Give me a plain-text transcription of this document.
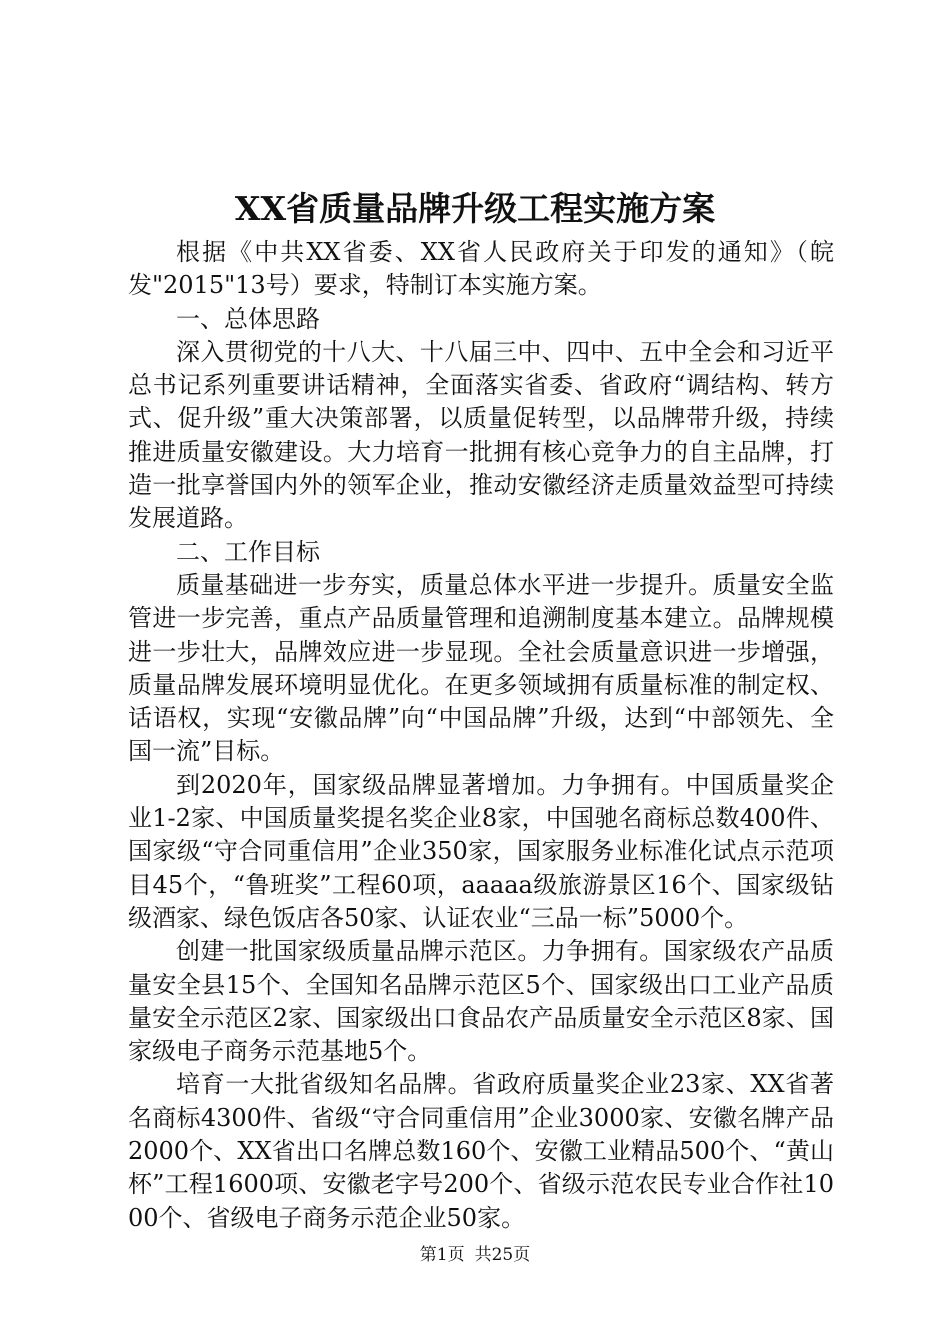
XX省质量品牌升级工程实施方案

根据《中共XX省委、XX省人民政府关于印发的通知》（皖发"2015"13号）要求，特制订本实施方案。

一、总体思路

深入贯彻党的十八大、十八届三中、四中、五中全会和习近平总书记系列重要讲话精神，全面落实省委、省政府“调结构、转方式、促升级”重大决策部署，以质量促转型，以品牌带升级，持续推进质量安徽建设。大力培育一批拥有核心竞争力的自主品牌，打造一批享誉国内外的领军企业，推动安徽经济走质量效益型可持续发展道路。

二、工作目标

质量基础进一步夯实，质量总体水平进一步提升。质量安全监管进一步完善，重点产品质量管理和追溯制度基本建立。品牌规模进一步壮大，品牌效应进一步显现。全社会质量意识进一步增强，质量品牌发展环境明显优化。在更多领域拥有质量标准的制定权、话语权，实现“安徽品牌”向“中国品牌”升级，达到“中部领先、全国一流”目标。

到2020年，国家级品牌显著增加。力争拥有。中国质量奖企业1-2家、中国质量奖提名奖企业8家，中国驰名商标总数400件、国家级“守合同重信用”企业350家，国家服务业标准化试点示范项目45个，“鲁班奖”工程60项，aaaaa级旅游景区16个、国家级钻级酒家、绿色饭店各50家、认证农业“三品一标”5000个。

创建一批国家级质量品牌示范区。力争拥有。国家级农产品质量安全县15个、全国知名品牌示范区5个、国家级出口工业产品质量安全示范区2家、国家级出口食品农产品质量安全示范区8家、国家级电子商务示范基地5个。

培育一大批省级知名品牌。省政府质量奖企业23家、XX省著名商标4300件、省级“守合同重信用”企业3000家、安徽名牌产品2000个、XX省出口名牌总数160个、安徽工业精品500个、“黄山杯”工程1600项、安徽老字号200个、省级示范农民专业合作社1000个、省级电子商务示范企业50家。

第1页 共25页
